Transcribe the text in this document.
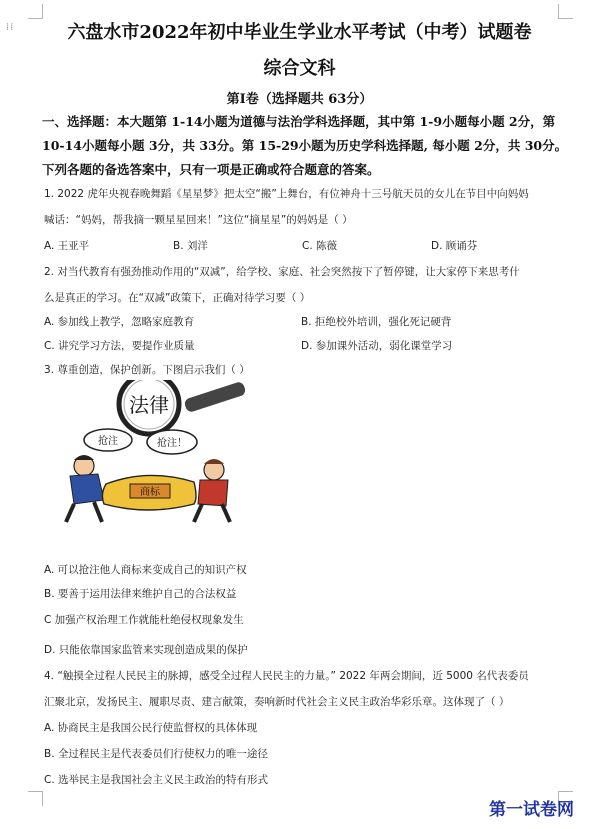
⁞⁞	六盘水市2022年初中毕业生学业水平考试（中考）试题卷
综合文科
第Ⅰ卷（选择题共 63分）
一、选择题：本大题第 1-14小题为道德与法治学科选择题，其中第 1-9小题每小题 2分，第
10-14小题每小题 3分，共 33分。第 15-29小题为历史学科选择题, 每小题 2分，共 30分。
下列各题的备选答案中，只有一项是正确或符合题意的答案。
1. 2022 虎年央视春晚舞蹈《星星梦》把太空“搬”上舞台，有位神舟十三号航天员的女儿在节目中向妈妈
喊话：“妈妈，帮我摘一颗星星回来！”这位“摘星星”的妈妈是（ ）
A. 王亚平	B. 刘洋	C. 陈薇	D. 顾诵芬
2. 对当代教育有强劲推动作用的“双减”，给学校、家庭、社会突然按下了暂停键，让大家停下来思考什
么是真正的学习。在“双减”政策下，正确对待学习要（ ）
A. 参加线上教学，忽略家庭教育	B. 拒绝校外培训，强化死记硬背
C. 讲究学习方法，要提作业质量	D. 参加课外活动，弱化课堂学习
3. 尊重创造，保护创新。下图启示我们（ ）
法律
抢注	抢注！
商标
A. 可以抢注他人商标来变成自己的知识产权
B. 要善于运用法律来维护自己的合法权益
C 加强产权治理工作就能杜绝侵权现象发生
D. 只能依靠国家监管来实现创造成果的保护
4. “触摸全过程人民民主的脉搏，感受全过程人民民主的力量。” 2022 年两会期间，近 5000 名代表委员
汇聚北京，发扬民主、履职尽责、建言献策，奏响新时代社会主义民主政治华彩乐章。这体现了（ ）
A. 协商民主是我国公民行使监督权的具体体现
B. 全过程民主是代表委员们行使权力的唯一途径
C. 选举民主是我国社会主义民主政治的特有形式
第一试卷网
